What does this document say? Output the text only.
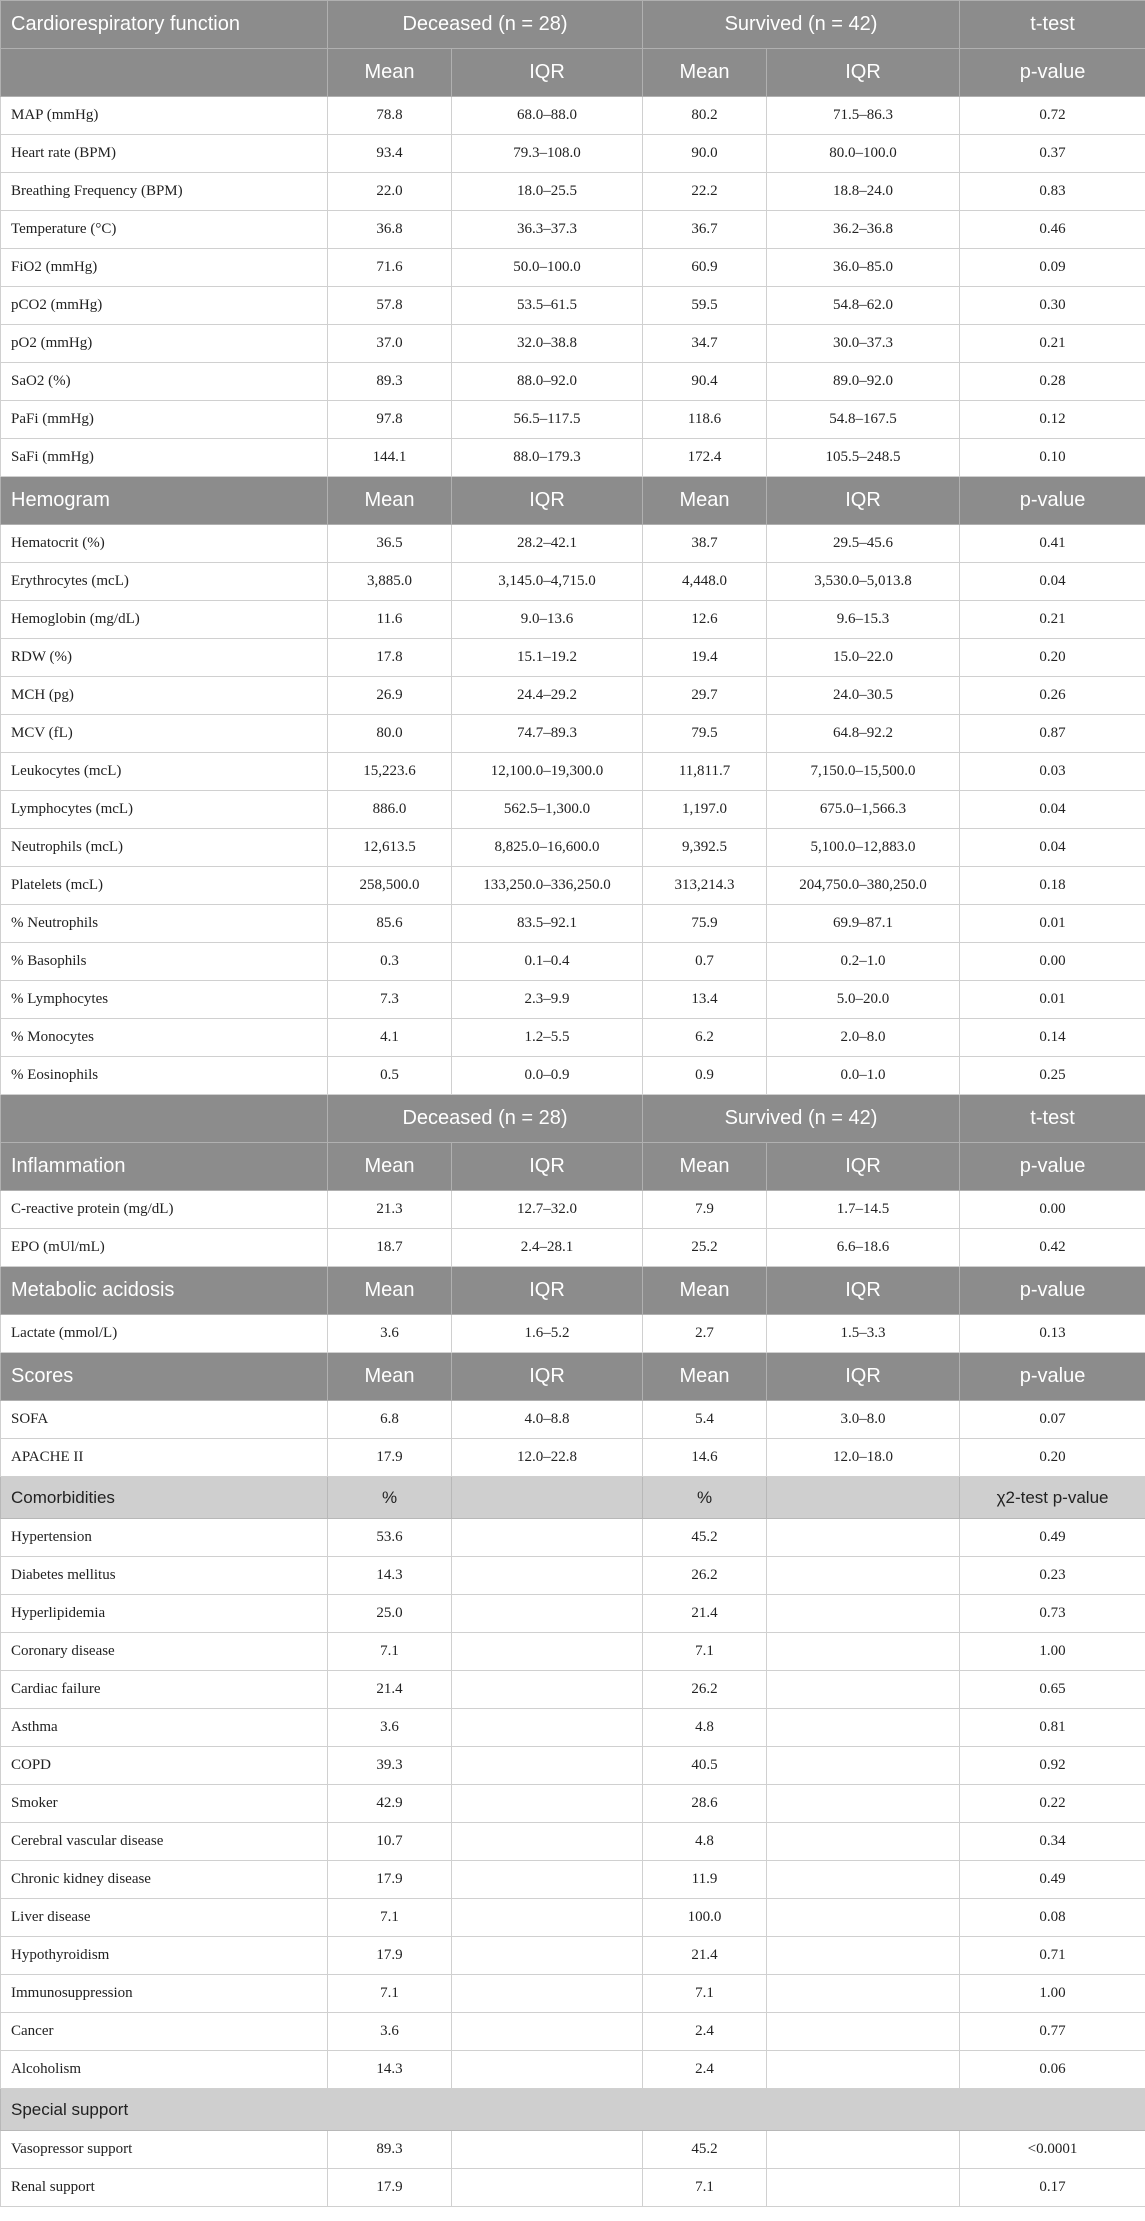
Cardiorespiratory function	Deceased (n = 28)		Survived (n = 42)		t-test
	Mean	IQR	Mean	IQR	p-value
MAP (mmHg)	78.8	68.0–88.0	80.2	71.5–86.3	0.72
Heart rate (BPM)	93.4	79.3–108.0	90.0	80.0–100.0	0.37
Breathing Frequency (BPM)	22.0	18.0–25.5	22.2	18.8–24.0	0.83
Temperature (°C)	36.8	36.3–37.3	36.7	36.2–36.8	0.46
FiO2 (mmHg)	71.6	50.0–100.0	60.9	36.0–85.0	0.09
pCO2 (mmHg)	57.8	53.5–61.5	59.5	54.8–62.0	0.30
pO2 (mmHg)	37.0	32.0–38.8	34.7	30.0–37.3	0.21
SaO2 (%)	89.3	88.0–92.0	90.4	89.0–92.0	0.28
PaFi (mmHg)	97.8	56.5–117.5	118.6	54.8–167.5	0.12
SaFi (mmHg)	144.1	88.0–179.3	172.4	105.5–248.5	0.10
Hemogram	Mean	IQR	Mean	IQR	p-value
Hematocrit (%)	36.5	28.2–42.1	38.7	29.5–45.6	0.41
Erythrocytes (mcL)	3,885.0	3,145.0–4,715.0	4,448.0	3,530.0–5,013.8	0.04
Hemoglobin (mg/dL)	11.6	9.0–13.6	12.6	9.6–15.3	0.21
RDW (%)	17.8	15.1–19.2	19.4	15.0–22.0	0.20
MCH (pg)	26.9	24.4–29.2	29.7	24.0–30.5	0.26
MCV (fL)	80.0	74.7–89.3	79.5	64.8–92.2	0.87
Leukocytes (mcL)	15,223.6	12,100.0–19,300.0	11,811.7	7,150.0–15,500.0	0.03
Lymphocytes (mcL)	886.0	562.5–1,300.0	1,197.0	675.0–1,566.3	0.04
Neutrophils (mcL)	12,613.5	8,825.0–16,600.0	9,392.5	5,100.0–12,883.0	0.04
Platelets (mcL)	258,500.0	133,250.0–336,250.0	313,214.3	204,750.0–380,250.0	0.18
% Neutrophils	85.6	83.5–92.1	75.9	69.9–87.1	0.01
% Basophils	0.3	0.1–0.4	0.7	0.2–1.0	0.00
% Lymphocytes	7.3	2.3–9.9	13.4	5.0–20.0	0.01
% Monocytes	4.1	1.2–5.5	6.2	2.0–8.0	0.14
% Eosinophils	0.5	0.0–0.9	0.9	0.0–1.0	0.25
	Deceased (n = 28)		Survived (n = 42)		t-test
Inflammation	Mean	IQR	Mean	IQR	p-value
C-reactive protein (mg/dL)	21.3	12.7–32.0	7.9	1.7–14.5	0.00
EPO (mUl/mL)	18.7	2.4–28.1	25.2	6.6–18.6	0.42
Metabolic acidosis	Mean	IQR	Mean	IQR	p-value
Lactate (mmol/L)	3.6	1.6–5.2	2.7	1.5–3.3	0.13
Scores	Mean	IQR	Mean	IQR	p-value
SOFA	6.8	4.0–8.8	5.4	3.0–8.0	0.07
APACHE II	17.9	12.0–22.8	14.6	12.0–18.0	0.20
Comorbidities	%		%		χ2-test p-value
Hypertension	53.6		45.2		0.49
Diabetes mellitus	14.3		26.2		0.23
Hyperlipidemia	25.0		21.4		0.73
Coronary disease	7.1		7.1		1.00
Cardiac failure	21.4		26.2		0.65
Asthma	3.6		4.8		0.81
COPD	39.3		40.5		0.92
Smoker	42.9		28.6		0.22
Cerebral vascular disease	10.7		4.8		0.34
Chronic kidney disease	17.9		11.9		0.49
Liver disease	7.1		100.0		0.08
Hypothyroidism	17.9		21.4		0.71
Immunosuppression	7.1		7.1		1.00
Cancer	3.6		2.4		0.77
Alcoholism	14.3		2.4		0.06
Special support					
Vasopressor support	89.3		45.2		<0.0001
Renal support	17.9		7.1		0.17
